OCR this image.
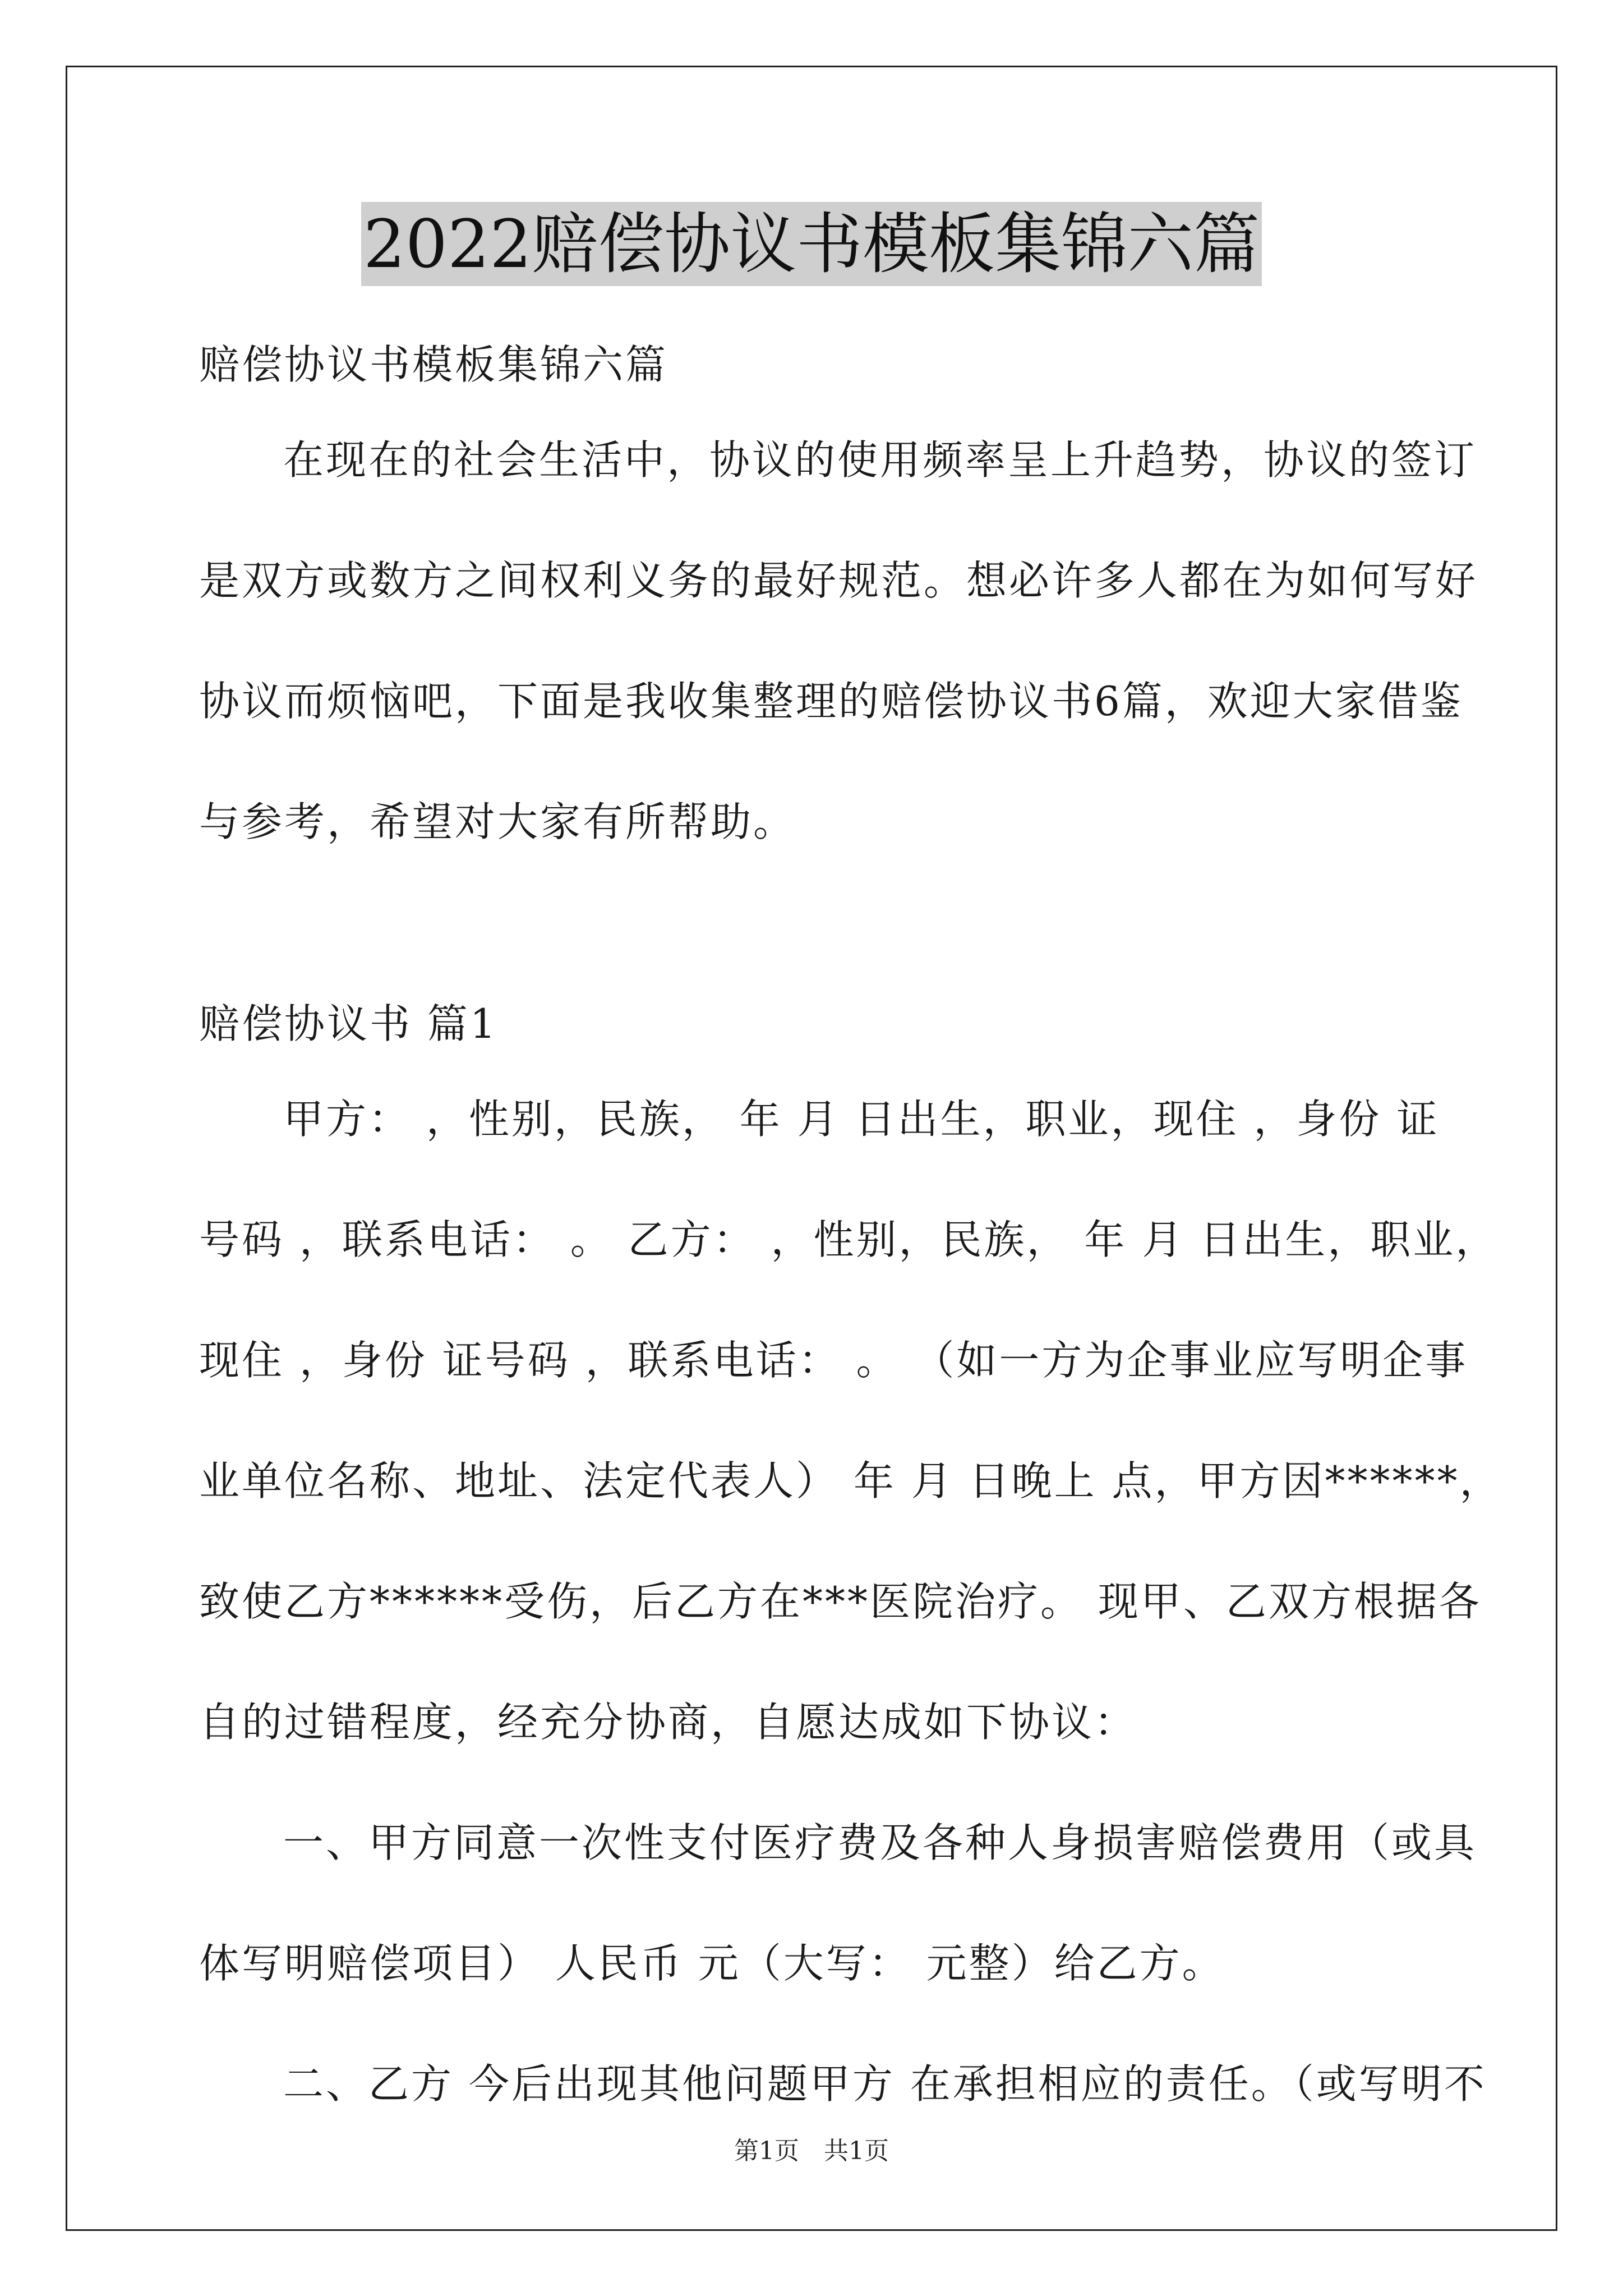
2022赔偿协议书模板集锦六篇
赔偿协议书模板集锦六篇
在现在的社会生活中，协议的使用频率呈上升趋势，协议的签订
是双方或数方之间权利义务的最好规范。想必许多人都在为如何写好
协议而烦恼吧，下面是我收集整理的赔偿协议书6篇，欢迎大家借鉴
与参考，希望对大家有所帮助。
赔偿协议书 篇1
甲方： ，性别，民族， 年 月 日出生，职业，现住 ，身份 证
号码 ，联系电话： 。 乙方： ，性别，民族， 年 月 日出生，职业，
现住 ，身份 证号码 ，联系电话： 。 （如一方为企事业应写明企事
业单位名称、地址、法定代表人） 年 月 日晚上 点，甲方因******，
致使乙方******受伤，后乙方在***医院治疗。 现甲、乙双方根据各
自的过错程度，经充分协商，自愿达成如下协议：
一、甲方同意一次性支付医疗费及各种人身损害赔偿费用（或具
体写明赔偿项目） 人民币 元（大写： 元整）给乙方。
二、乙方 今后出现其他问题甲方 在承担相应的责任。（或写明不
第1页　共1页
